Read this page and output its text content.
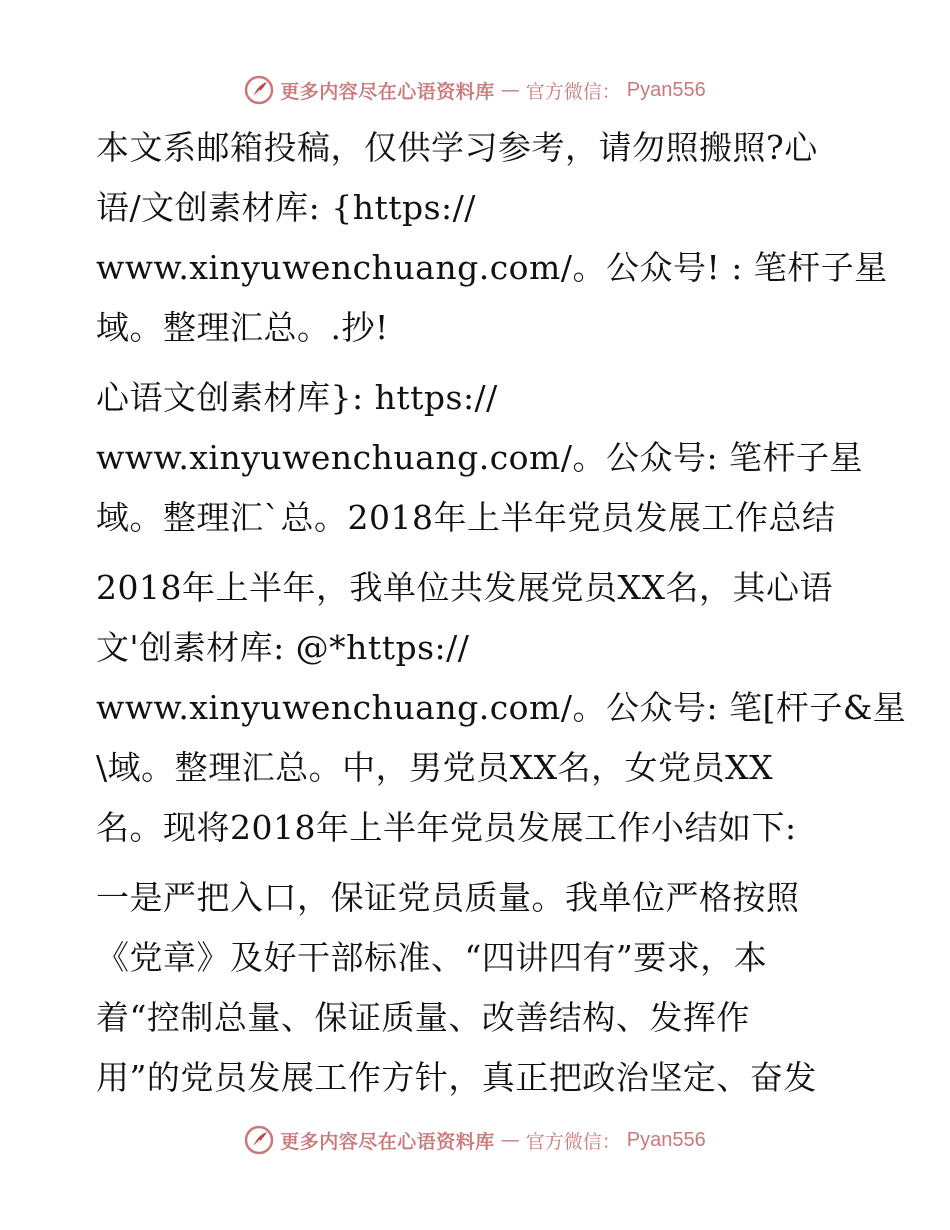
更多内容尽在心语资料库 — 官方微信： Pyan556
本文系邮箱投稿，仅供学习参考，请勿照搬照?心
语/文创素材库: {https://
www.xinyuwenchuang.com/。公众号! : 笔杆子星
域。整理汇总。.抄!
心语文创素材库}: https://
www.xinyuwenchuang.com/。公众号: 笔杆子星
域。整理汇`总。2018年上半年党员发展工作总结
2018年上半年，我单位共发展党员XX名，其心语
文'创素材库: @*https://
www.xinyuwenchuang.com/。公众号: 笔[杆子&星
\域。整理汇总。中，男党员XX名，女党员XX
名。现将2018年上半年党员发展工作小结如下:
一是严把入口，保证党员质量。我单位严格按照
《党章》及好干部标准、“四讲四有”要求，本
着“控制总量、保证质量、改善结构、发挥作
用”的党员发展工作方针，真正把政治坚定、奋发
更多内容尽在心语资料库 — 官方微信： Pyan556
